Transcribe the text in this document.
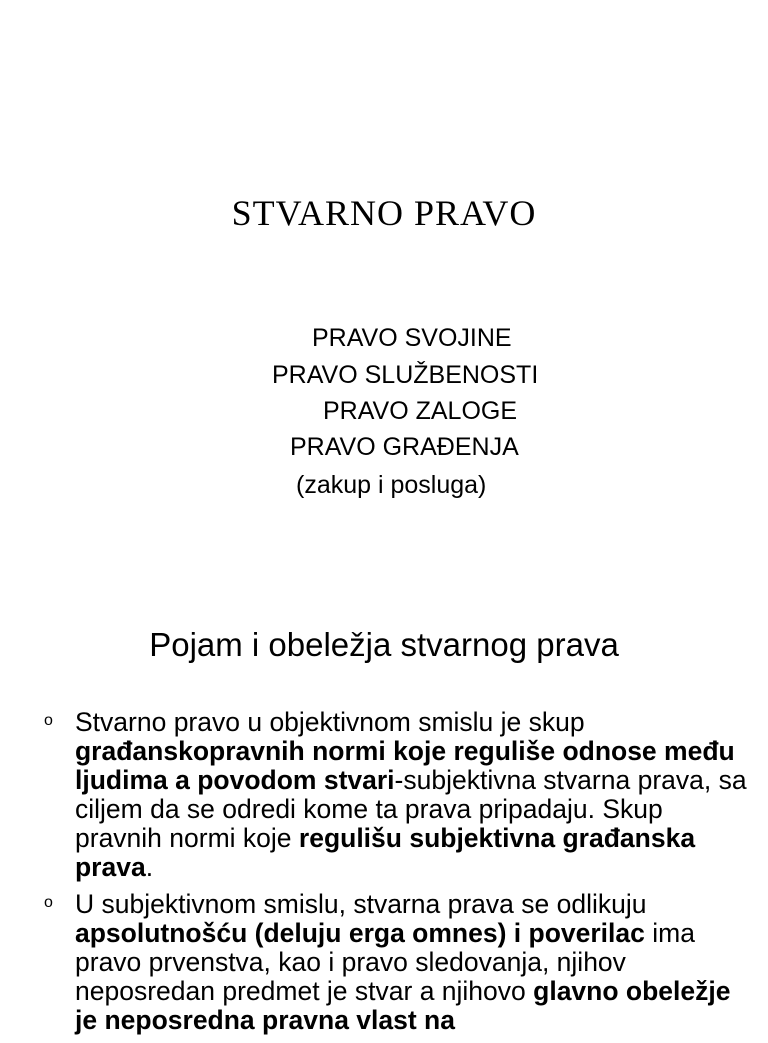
STVARNO PRAVO
PRAVO SVOJINE
PRAVO SLUŽBENOSTI
PRAVO ZALOGE
PRAVO GRAĐENJA
(zakup i posluga)
Pojam i obeležja stvarnog prava
o Stvarno pravo u objektivnom smislu je skup građanskopravnih normi koje reguliše odnose među ljudima a povodom stvari-subjektivna stvarna prava, sa ciljem da se odredi kome ta prava pripadaju. Skup pravnih normi koje regulišu subjektivna građanska prava.
o U subjektivnom smislu, stvarna prava se odlikuju apsolutnošću (deluju erga omnes) i poverilac ima pravo prvenstva, kao i pravo sledovanja, njihov neposredan predmet je stvar a njihovo glavno obeležje je neposredna pravna vlast na
